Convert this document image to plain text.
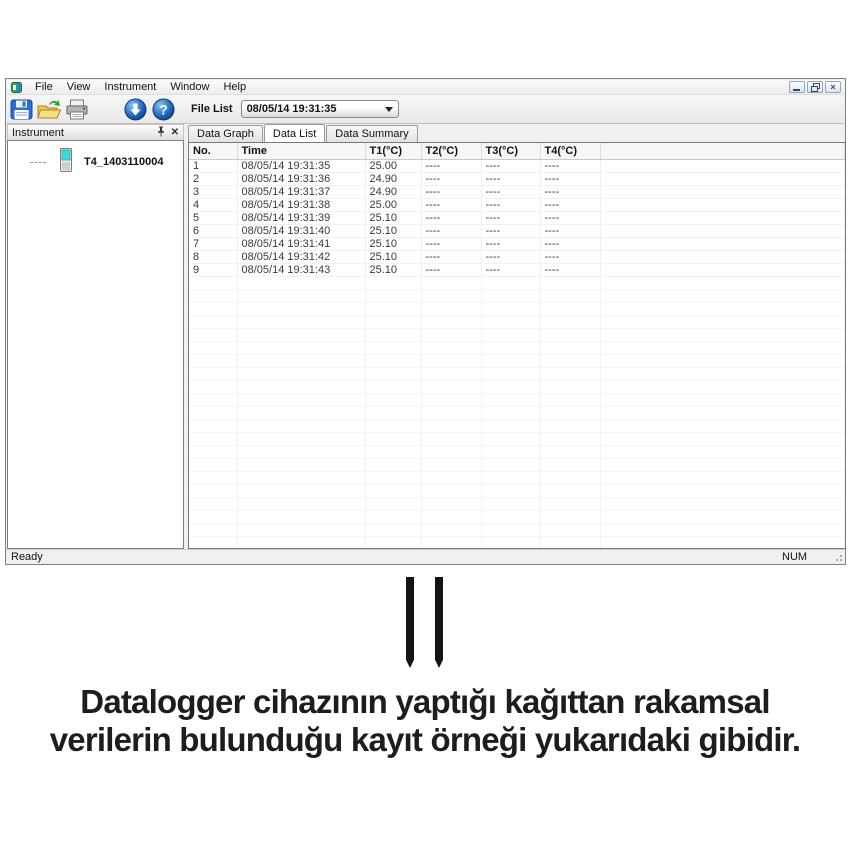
File	View	Instrument	Window	Help	×
? File List 08/05/14 19:31:35
Instrument	✕
T4_1403110004
Data Graph	Data List	Data Summary
No.	Time	T1(°C)	T2(°C)	T3(°C)	T4(°C)	
1	08/05/14 19:31:35	25.00	----	----	----	
2	08/05/14 19:31:36	24.90	----	----	----	
3	08/05/14 19:31:37	24.90	----	----	----	
4	08/05/14 19:31:38	25.00	----	----	----	
5	08/05/14 19:31:39	25.10	----	----	----	
6	08/05/14 19:31:40	25.10	----	----	----	
7	08/05/14 19:31:41	25.10	----	----	----	
8	08/05/14 19:31:42	25.10	----	----	----	
9	08/05/14 19:31:43	25.10	----	----	----	

Ready	NUM
Datalogger cihazının yaptığı kağıttan rakamsal
verilerin bulunduğu kayıt örneği yukarıdaki gibidir.
